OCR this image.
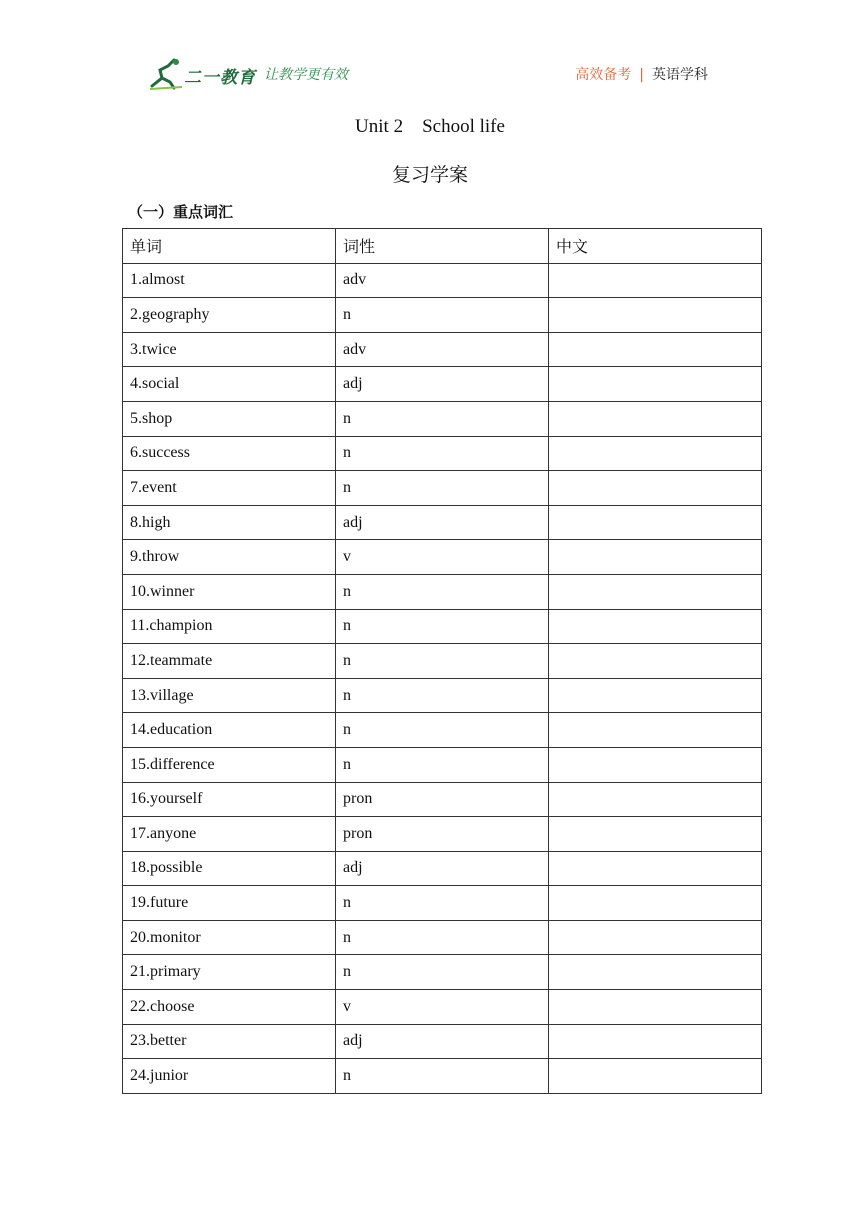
二一教育 让教学更有效	高效备考 | 英语学科
Unit 2    School life
复习学案
（一）重点词汇
单词	词性	中文
1.almost	adv	
2.geography	n	
3.twice	adv	
4.social	adj	
5.shop	n	
6.success	n	
7.event	n	
8.high	adj	
9.throw	v	
10.winner	n	
11.champion	n	
12.teammate	n	
13.village	n	
14.education	n	
15.difference	n	
16.yourself	pron	
17.anyone	pron	
18.possible	adj	
19.future	n	
20.monitor	n	
21.primary	n	
22.choose	v	
23.better	adj	
24.junior	n	
